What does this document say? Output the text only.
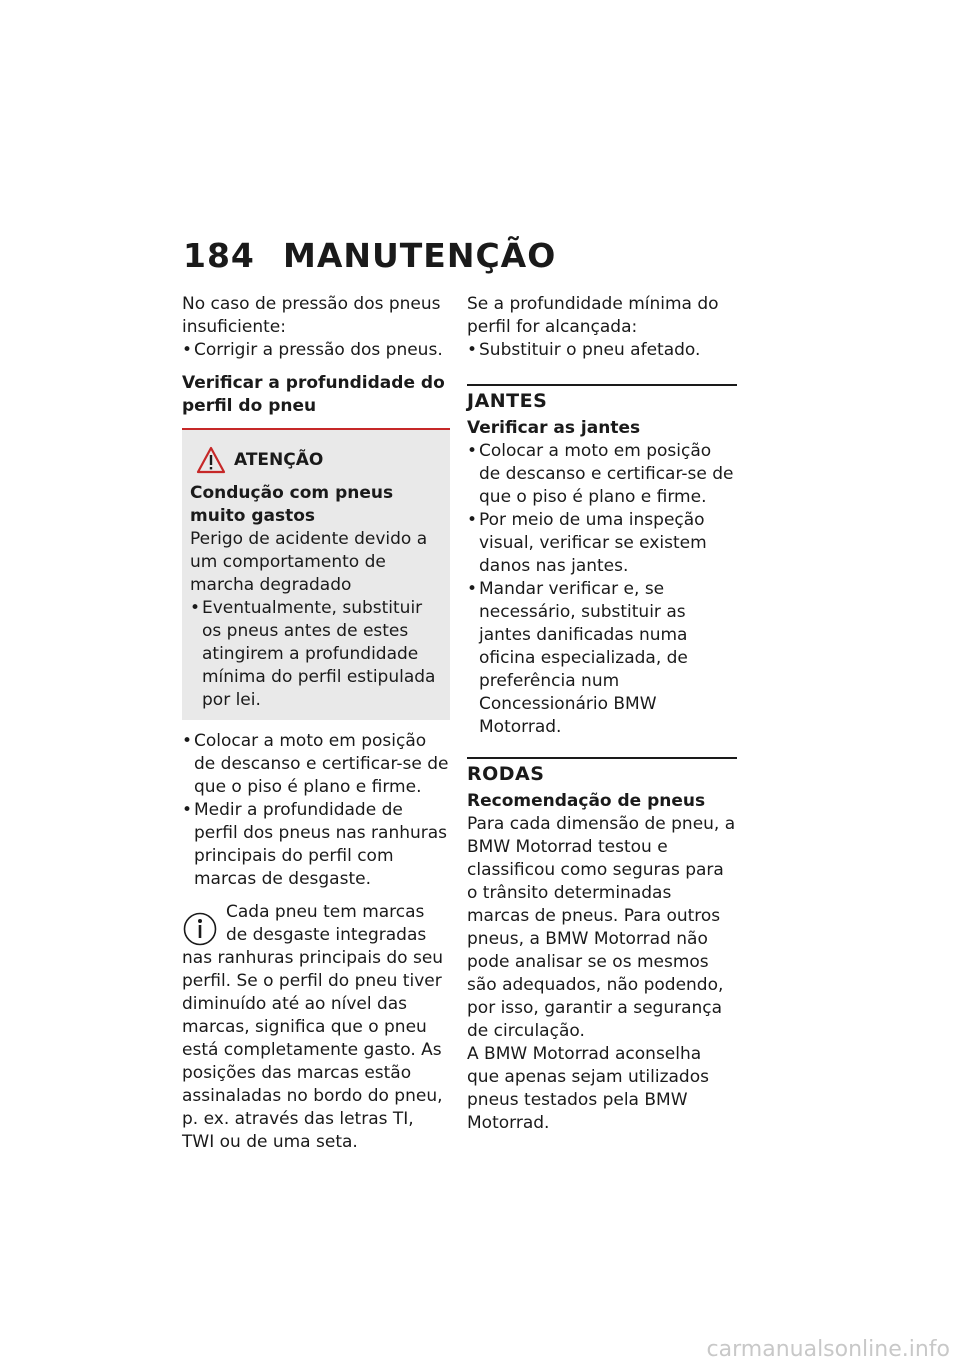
184 MANUTENÇÃO

No caso de pressão dos pneus insuficiente:

• Corrigir a pressão dos pneus.

Verificar a profundidade do perfil do pneu

ATENÇÃO

Condução com pneus muito gastos

Perigo de acidente devido a um comportamento de marcha degradado

• Eventualmente, substituir os pneus antes de estes atingirem a profundidade mínima do perfil estipulada por lei.
• Colocar a moto em posição de descanso e certificar-se de que o piso é plano e firme.
• Medir a profundidade de perfil dos pneus nas ranhuras principais do perfil com marcas de desgaste.

Cada pneu tem marcas

de desgaste integradas

nas ranhuras principais do seu perfil. Se o perfil do pneu tiver diminuído até ao nível das marcas, significa que o pneu está completamente gasto. As posições das marcas estão assinaladas no bordo do pneu, p. ex. através das letras TI, TWI ou de uma seta.

Se a profundidade mínima do perfil for alcançada:

• Substituir o pneu afetado.
JANTES

Verificar as jantes

• Colocar a moto em posição de descanso e certificar-se de que o piso é plano e firme.
• Por meio de uma inspeção visual, verificar se existem danos nas jantes.
• Mandar verificar e, se necessário, substituir as jantes danificadas numa oficina especializada, de preferência num Concessionário BMW Motorrad.
RODAS

Recomendação de pneus

Para cada dimensão de pneu, a BMW Motorrad testou e classificou como seguras para o trânsito determinadas marcas de pneus. Para outros pneus, a BMW Motorrad não pode analisar se os mesmos são adequados, não podendo, por isso, garantir a segurança de circulação.

A BMW Motorrad aconselha que apenas sejam utilizados pneus testados pela BMW Motorrad.

carmanualsonline.info
